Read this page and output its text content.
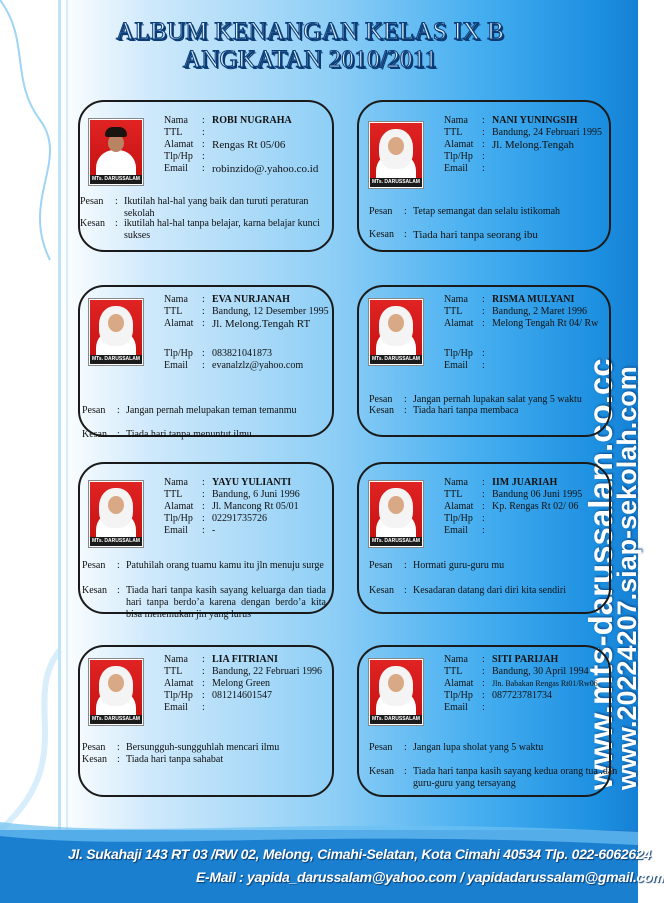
ALBUM KENANGAN KELAS IX B
ANGKATAN 2010/2011
www.mts-darussalam.co.cc
www.20224207.siap-sekolah.com
MTs. DARUSSALAM
Nama : ROBI NUGRAHA
TTL :
Alamat : Rengas Rt 05/06
Tlp/Hp :
Email : robinzido@.yahoo.co.id
Pesan : Ikutilah hal-hal yang baik dan turuti peraturan sekolah
Kesan : ikutilah hal-hal tanpa belajar, karna belajar kunci sukses
MTs. DARUSSALAM
Nama : NANI YUNINGSIH
TTL : Bandung, 24 Februari 1995
Alamat : Jl. Melong.Tengah
Tlp/Hp :
Email :
Pesan : Tetap semangat dan selalu istikomah
Kesan : Tiada hari tanpa seorang ibu
MTs. DARUSSALAM
Nama : EVA NURJANAH
TTL : Bandung, 12 Desember 1995
Alamat : Jl. Melong.Tengah RT
Tlp/Hp : 083821041873
Email : evanalzlz@yahoo.com
Pesan : Jangan pernah melupakan teman temanmu
Kesan : Tiada hari tanpa menuntut ilmu
MTs. DARUSSALAM
Nama : RISMA MULYANI
TTL : Bandung, 2 Maret 1996
Alamat : Melong Tengah Rt 04/ Rw
Tlp/Hp :
Email :
Pesan : Jangan pernah lupakan salat yang 5 waktu
Kesan : Tiada hari tanpa membaca
MTs. DARUSSALAM
Nama : YAYU YULIANTI
TTL : Bandung, 6 Juni 1996
Alamat : Jl. Mancong Rt 05/01
Tlp/Hp : 02291735726
Email : -
Pesan : Patuhilah orang tuamu kamu itu jln menuju surge
Kesan : Tiada hari tanpa kasih sayang keluarga dan tiada hari tanpa berdo’a karena dengan berdo’a kita bisa menemukan jin yang lurus
MTs. DARUSSALAM
Nama : IIM JUARIAH
TTL : Bandung 06 Juni 1995
Alamat : Kp. Rengas Rt 02/ 06
Tlp/Hp :
Email :
Pesan : Hormati guru-guru mu
Kesan : Kesadaran datang dari diri kita sendiri
MTs. DARUSSALAM
Nama : LIA FITRIANI
TTL : Bandung, 22 Februari 1996
Alamat : Melong Green
Tlp/Hp : 081214601547
Email :
Pesan : Bersungguh-sungguhlah mencari ilmu
Kesan : Tiada hari tanpa sahabat
MTs. DARUSSALAM
Nama : SITI PARIJAH
TTL : Bandung, 30 April 1994
Alamat : Jln. Babakan Rengas Rt01/Rw06
Tlp/Hp : 087723781734
Email :
Pesan : Jangan lupa sholat yang 5 waktu
Kesan : Tiada hari tanpa kasih sayang kedua orang tua .dan guru-guru yang tersayang
Jl. Sukahaji 143 RT 03 /RW 02, Melong, Cimahi-Selatan, Kota Cimahi 40534 Tlp. 022-6062624
E-Mail : yapida_darussalam@yahoo.com / yapidadarussalam@gmail.com
